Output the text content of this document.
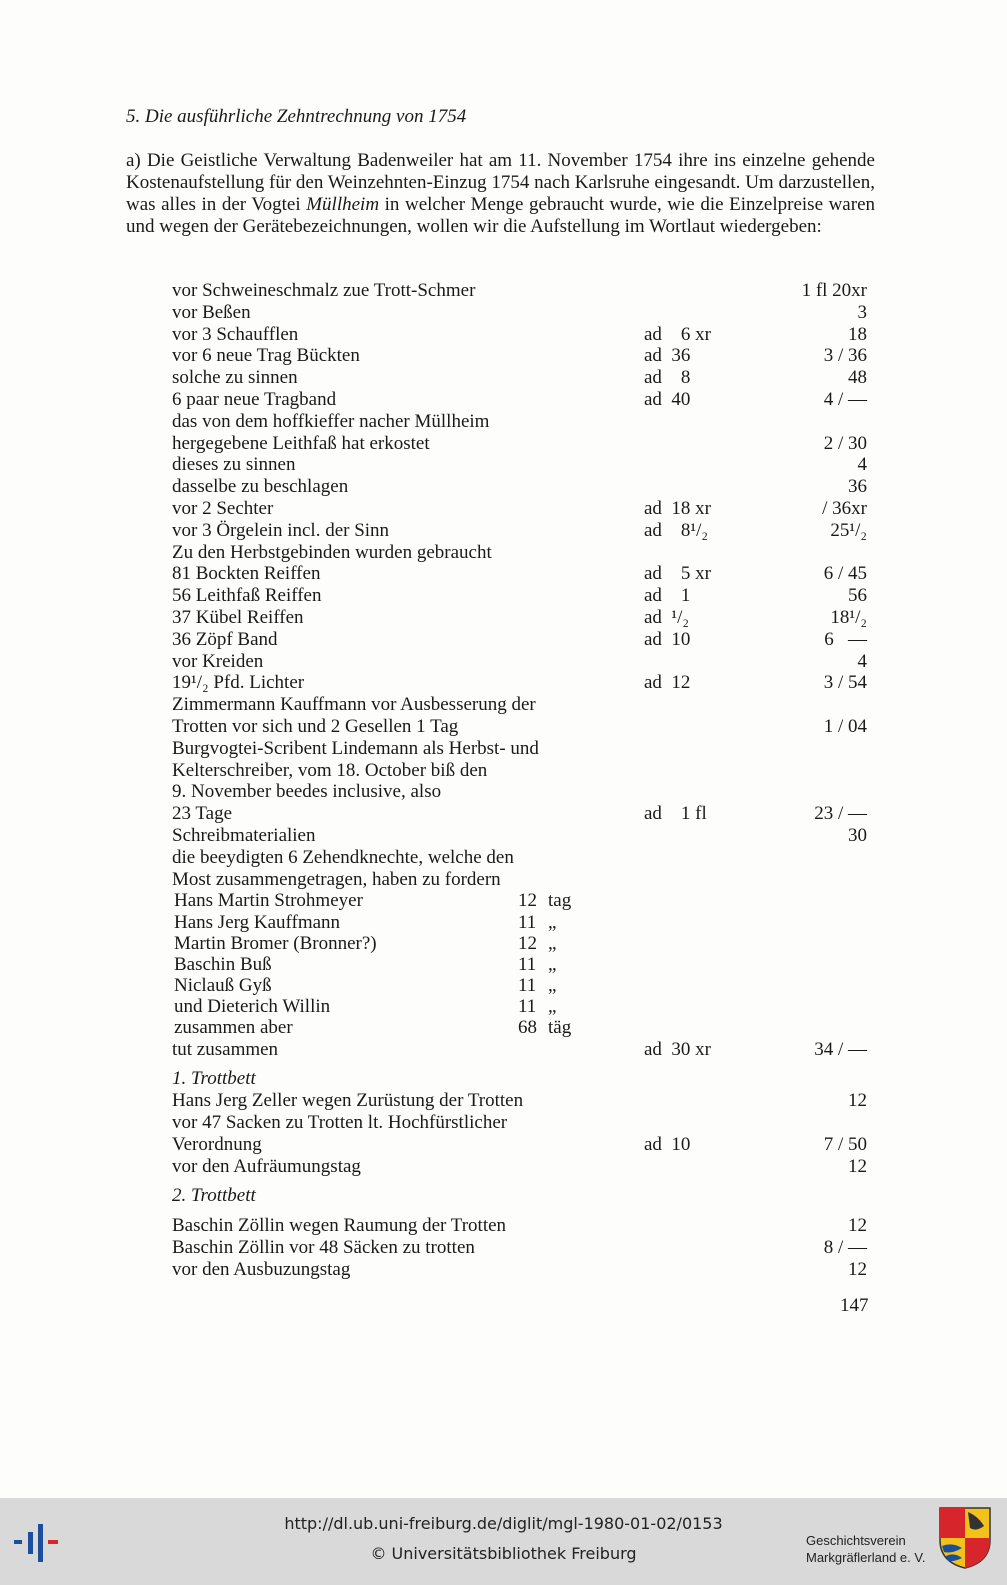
5. Die ausführliche Zehntrechnung von 1754

a) Die Geistliche Verwaltung Badenweiler hat am 11. November 1754 ihre ins einzelne gehende Kostenaufstellung für den Weinzehnten-Einzug 1754 nach Karlsruhe eingesandt. Um darzustellen, was alles in der Vogtei Müllheim in welcher Menge gebraucht wurde, wie die Einzelpreise waren und wegen der Gerätebezeichnungen, wollen wir die Aufstellung im Wortlaut wiedergeben:

vor Schweineschmalz zue Trott-Schmer	1 fl 20xr
vor Beßen	3
vor 3 Schaufflen	ad    6 xr	18
vor 6 neue Trag Bückten	ad  36	3 / 36
solche zu sinnen	ad    8	48
6 paar neue Tragband	ad  40	4 / —
das von dem hoffkieffer nacher Müllheim
hergegebene Leithfaß hat erkostet	2 / 30
dieses zu sinnen	4
dasselbe zu beschlagen	36
vor 2 Sechter	ad  18 xr	/ 36xr
vor 3 Örgelein incl. der Sinn	ad    8¹/₂	25¹/₂
Zu den Herbstgebinden wurden gebraucht
81 Bockten Reiffen	ad    5 xr	6 / 45
56 Leithfaß Reiffen	ad    1	56
37 Kübel Reiffen	ad  ¹/₂	18¹/₂
36 Zöpf Band	ad  10	6   —
vor Kreiden	4
19¹/₂ Pfd. Lichter	ad  12	3 / 54
Zimmermann Kauffmann vor Ausbesserung der
Trotten vor sich und 2 Gesellen 1 Tag	1 / 04
Burgvogtei-Scribent Lindemann als Herbst- und
Kelterschreiber, vom 18. October biß den
9. November beedes inclusive, also
23 Tage	ad    1 fl	23 / —
Schreibmaterialien	30
die beeydigten 6 Zehendknechte, welche den
Most zusammengetragen, haben zu fordern
Hans Martin Strohmeyer	12 tag
Hans Jerg Kauffmann	11 „
Martin Bromer (Bronner?)	12 „
Baschin Buß	11 „
Niclauß Gyß	11 „
und Dieterich Willin	11 „
zusammen aber	68 täg
tut zusammen	ad  30 xr	34 / —
1. Trottbett
Hans Jerg Zeller wegen Zurüstung der Trotten	12
vor 47 Sacken zu Trotten lt. Hochfürstlicher
Verordnung	ad  10	7 / 50
vor den Aufräumungstag	12
2. Trottbett
Baschin Zöllin wegen Raumung der Trotten	12
Baschin Zöllin vor 48 Säcken zu trotten	8 / —
vor den Ausbuzungstag	12
147
http://dl.ub.uni-freiburg.de/diglit/mgl-1980-01-02/0153
© Universitätsbibliothek Freiburg
Geschichtsverein
Markgräflerland e. V.
